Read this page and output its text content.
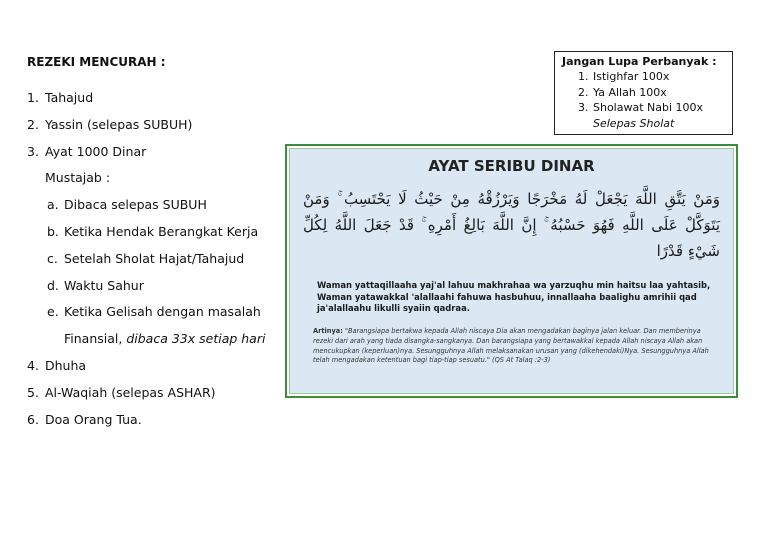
REZEKI MENCURAH :

1. Tahajud
2. Yassin (selepas SUBUH)
3. Ayat 1000 Dinar
Mustajab :
a. Dibaca selepas SUBUH
b. Ketika Hendak Berangkat Kerja
c. Setelah Sholat Hajat/Tahajud
d. Waktu Sahur
e. Ketika Gelisah dengan masalah
Finansial, dibaca 33x setiap hari
4. Dhuha
5. Al-Waqiah (selepas ASHAR)
6. Doa Orang Tua.

Jangan Lupa Perbanyak :

1. Istighfar 100x
2. Ya Allah 100x
3. Sholawat Nabi 100x
Selepas Sholat
AYAT SERIBU DINAR
وَمَنْ يَتَّقِ اللَّهَ يَجْعَلْ لَهُ مَخْرَجًا وَيَرْزُقْهُ مِنْ حَيْثُ لَا يَحْتَسِبُ ۚ وَمَنْ يَتَوَكَّلْ عَلَى اللَّهِ فَهُوَ حَسْبُهُ ۚ إِنَّ اللَّهَ بَالِغُ أَمْرِهِ ۚ قَدْ جَعَلَ اللَّهُ لِكُلِّ شَيْءٍ قَدْرًا
Waman yattaqillaaha yaj'al lahuu makhrahaa wa yarzuqhu min haitsu laa yahtasib, Waman yatawakkal 'alallaahi fahuwa hasbuhuu, innallaaha baalighu amrihii qad ja'alallaahu likulli syaiin qadraa.
Artinya: "Barangsiapa bertakwa kepada Allah niscaya Dia akan mengadakan baginya jalan keluar. Dan memberinya rezeki dari arah yang tiada disangka-sangkanya. Dan barangsiapa yang bertawakkal kepada Allah niscaya Allah akan mencukupkan (keperluan)nya. Sesungguhnya Allah melaksanakan urusan yang (dikehendaki)Nya. Sesungguhnya Allah telah mengadakan ketentuan bagi tiap-tiap sesuatu." (QS At Talaq :2-3)
